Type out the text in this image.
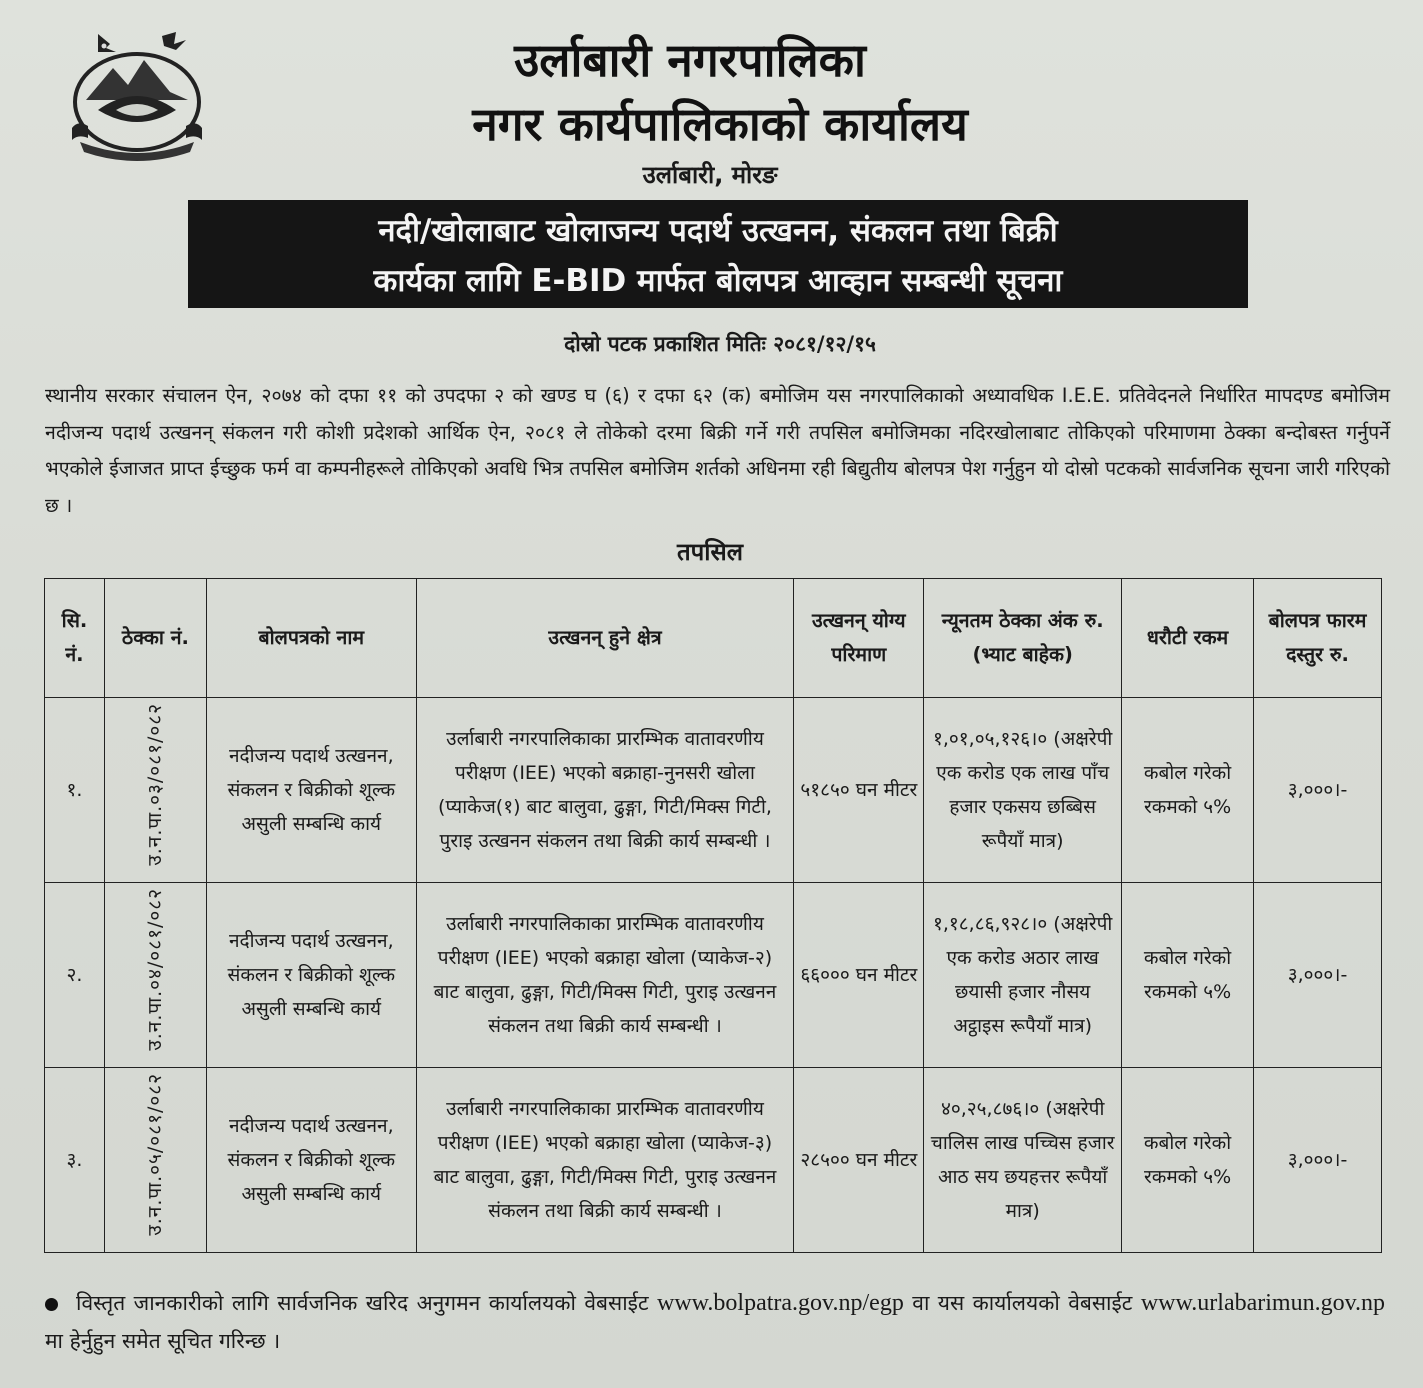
उर्लाबारी नगरपालिका
नगर कार्यपालिकाको कार्यालय
उर्लाबारी, मोरङ
नदी/खोलाबाट खोलाजन्य पदार्थ उत्खनन, संकलन तथा बिक्री
कार्यका लागि E-BID मार्फत बोलपत्र आव्हान सम्बन्धी सूचना
दोस्रो पटक प्रकाशित मितिः २०८१/१२/१५
स्थानीय सरकार संचालन ऐन, २०७४ को दफा ११ को उपदफा २ को खण्ड घ (६) र दफा ६२ (क) बमोजिम यस नगरपालिकाको अध्यावधिक I.E.E. प्रतिवेदनले निर्धारित मापदण्ड बमोजिम नदीजन्य पदार्थ उत्खनन् संकलन गरी कोशी प्रदेशको आर्थिक ऐन, २०८१ ले तोकेको दरमा बिक्री गर्ने गरी तपसिल बमोजिमका नदिरखोलाबाट तोकिएको परिमाणमा ठेक्का बन्दोबस्त गर्नुपर्ने भएकोले ईजाजत प्राप्त ईच्छुक फर्म वा कम्पनीहरूले तोकिएको अवधि भित्र तपसिल बमोजिम शर्तको अधिनमा रही बिद्युतीय बोलपत्र पेश गर्नुहुन यो दोस्रो पटकको सार्वजनिक सूचना जारी गरिएको छ ।
तपसिल
सि. नं.	ठेक्का नं.	बोलपत्रको नाम	उत्खनन् हुने क्षेत्र	उत्खनन् योग्य परिमाण	न्यूनतम ठेक्का अंक रु. (भ्याट बाहेक)	धरौटी रकम	बोलपत्र फारम दस्तुर रु.
१.	उ.न.पा.०३/०८१/०८२	नदीजन्य पदार्थ उत्खनन, संकलन र बिक्रीको शूल्क असुली सम्बन्धि कार्य	उर्लाबारी नगरपालिकाका प्रारम्भिक वातावरणीय परीक्षण (IEE) भएको बक्राहा-नुनसरी खोला (प्याकेज(१) बाट बालुवा, ढुङ्गा, गिटी/मिक्स गिटी, पुराइ उत्खनन संकलन तथा बिक्री कार्य सम्बन्धी ।	५१८५० घन मीटर	१,०१,०५,१२६।० (अक्षरेपी एक करोड एक लाख पाँच हजार एकसय छब्बिस रूपैयाँ मात्र)	कबोल गरेको रकमको ५%	३,०००।-
२.	उ.न.पा.०४/०८१/०८२	नदीजन्य पदार्थ उत्खनन, संकलन र बिक्रीको शूल्क असुली सम्बन्धि कार्य	उर्लाबारी नगरपालिकाका प्रारम्भिक वातावरणीय परीक्षण (IEE) भएको बक्राहा खोला (प्याकेज-२) बाट बालुवा, ढुङ्गा, गिटी/मिक्स गिटी, पुराइ उत्खनन संकलन तथा बिक्री कार्य सम्बन्धी ।	६६००० घन मीटर	१,१८,८६,९२८।० (अक्षरेपी एक करोड अठार लाख छयासी हजार नौसय अट्ठाइस रूपैयाँ मात्र)	कबोल गरेको रकमको ५%	३,०००।-
३.	उ.न.पा.०५/०८१/०८२	नदीजन्य पदार्थ उत्खनन, संकलन र बिक्रीको शूल्क असुली सम्बन्धि कार्य	उर्लाबारी नगरपालिकाका प्रारम्भिक वातावरणीय परीक्षण (IEE) भएको बक्राहा खोला (प्याकेज-३) बाट बालुवा, ढुङ्गा, गिटी/मिक्स गिटी, पुराइ उत्खनन संकलन तथा बिक्री कार्य सम्बन्धी ।	२८५०० घन मीटर	४०,२५,८७६।० (अक्षरेपी चालिस लाख पच्चिस हजार आठ सय छयहत्तर रूपैयाँ मात्र)	कबोल गरेको रकमको ५%	३,०००।-
विस्तृत जानकारीको लागि सार्वजनिक खरिद अनुगमन कार्यालयको वेबसाईट www.bolpatra.gov.np/egp वा यस कार्यालयको वेबसाईट www.urlabarimun.gov.np मा हेर्नुहुन समेत सूचित गरिन्छ ।
